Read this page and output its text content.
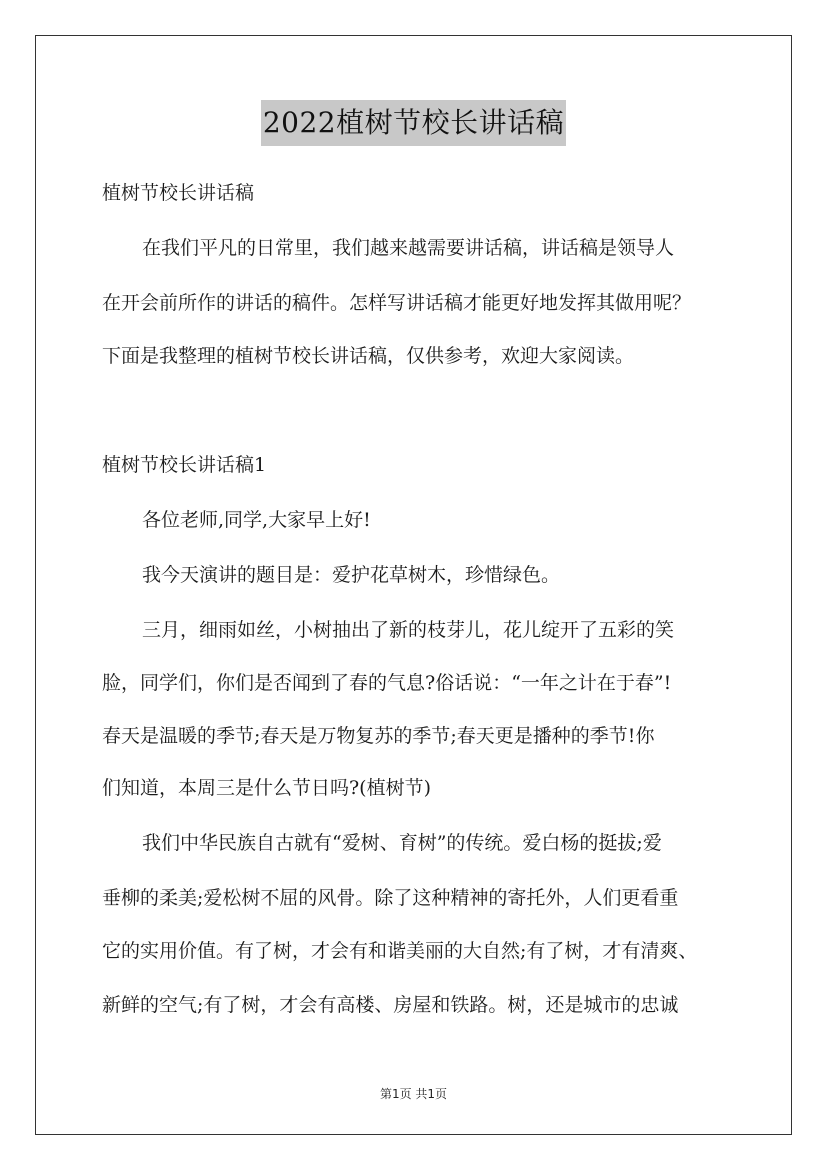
2022植树节校长讲话稿
植树节校长讲话稿
在我们平凡的日常里，我们越来越需要讲话稿，讲话稿是领导人
在开会前所作的讲话的稿件。怎样写讲话稿才能更好地发挥其做用呢？
下面是我整理的植树节校长讲话稿，仅供参考，欢迎大家阅读。
植树节校长讲话稿1
各位老师,同学,大家早上好!
我今天演讲的题目是：爱护花草树木，珍惜绿色。
三月，细雨如丝，小树抽出了新的枝芽儿，花儿绽开了五彩的笑
脸，同学们，你们是否闻到了春的气息?俗话说：“一年之计在于春”!
春天是温暖的季节;春天是万物复苏的季节;春天更是播种的季节!你
们知道，本周三是什么节日吗?(植树节)
我们中华民族自古就有“爱树、育树”的传统。爱白杨的挺拔;爱
垂柳的柔美;爱松树不屈的风骨。除了这种精神的寄托外，人们更看重
它的实用价值。有了树，才会有和谐美丽的大自然;有了树，才有清爽、
新鲜的空气;有了树，才会有高楼、房屋和铁路。树，还是城市的忠诚
第1页 共1页
